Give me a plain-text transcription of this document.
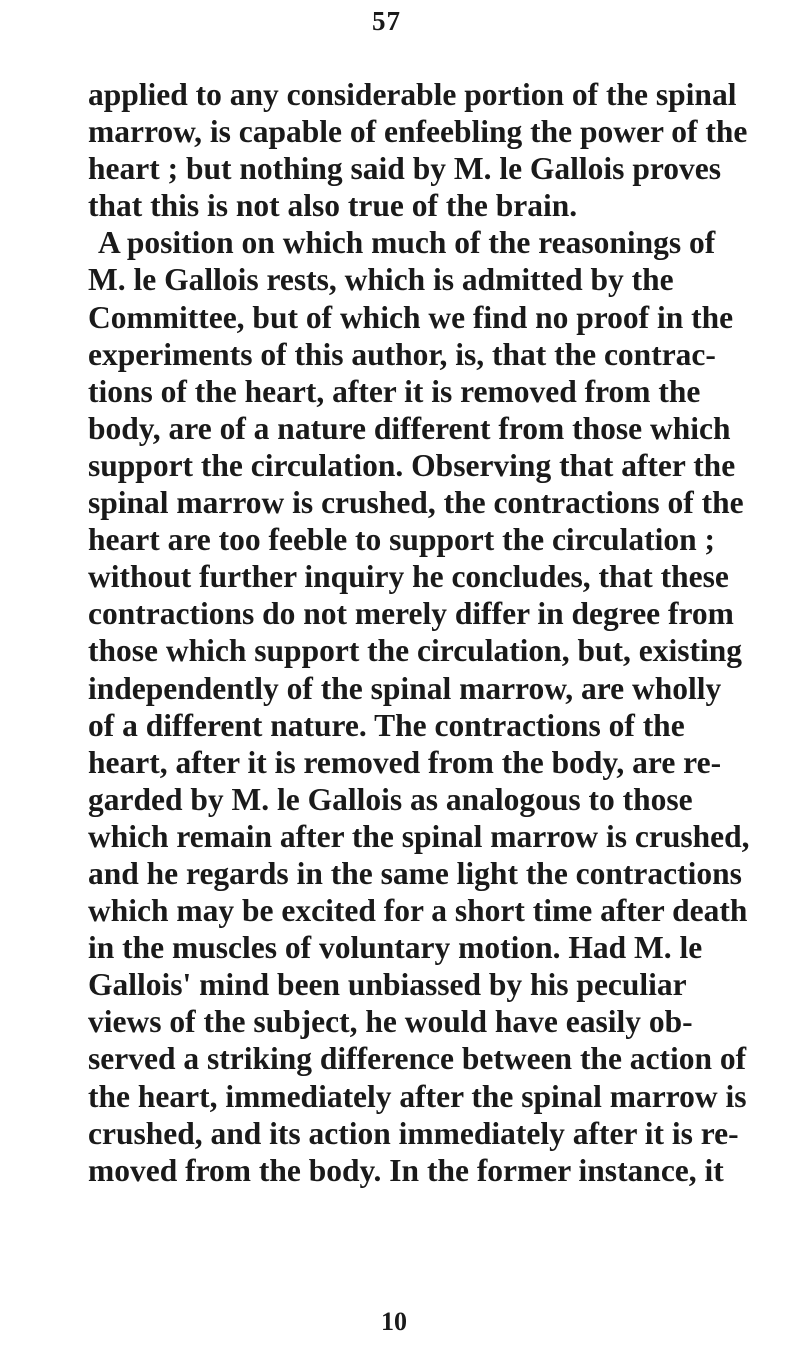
57
applied to any considerable portion of the spinal
marrow, is capable of enfeebling the power of the
heart ; but nothing said by M. le Gallois proves
that this is not also true of the brain.
A position on which much of the reasonings of
M. le Gallois rests, which is admitted by the
Committee, but of which we find no proof in the
experiments of this author, is, that the contrac-
tions of the heart, after it is removed from the
body, are of a nature different from those which
support the circulation. Observing that after the
spinal marrow is crushed, the contractions of the
heart are too feeble to support the circulation ;
without further inquiry he concludes, that these
contractions do not merely differ in degree from
those which support the circulation, but, existing
independently of the spinal marrow, are wholly
of a different nature. The contractions of the
heart, after it is removed from the body, are re-
garded by M. le Gallois as analogous to those
which remain after the spinal marrow is crushed,
and he regards in the same light the contractions
which may be excited for a short time after death
in the muscles of voluntary motion. Had M. le
Gallois' mind been unbiassed by his peculiar
views of the subject, he would have easily ob-
served a striking difference between the action of
the heart, immediately after the spinal marrow is
crushed, and its action immediately after it is re-
moved from the body. In the former instance, it
10
